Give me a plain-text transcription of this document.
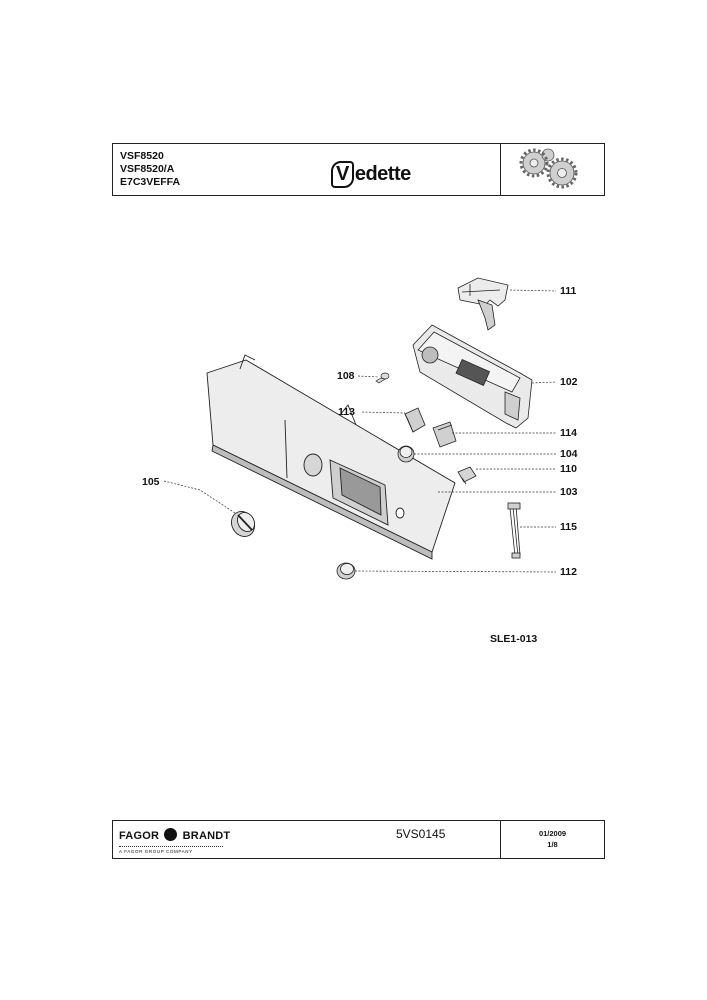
VSF8520
VSF8520/A
E7C3VEFFA	V edette
111
102
108
113
114
104
110
105
103
115
112
SLE1-013
FAGOR BRANDT
A FAGOR GROUP COMPANY
5VS0145	01/2009
1/8
